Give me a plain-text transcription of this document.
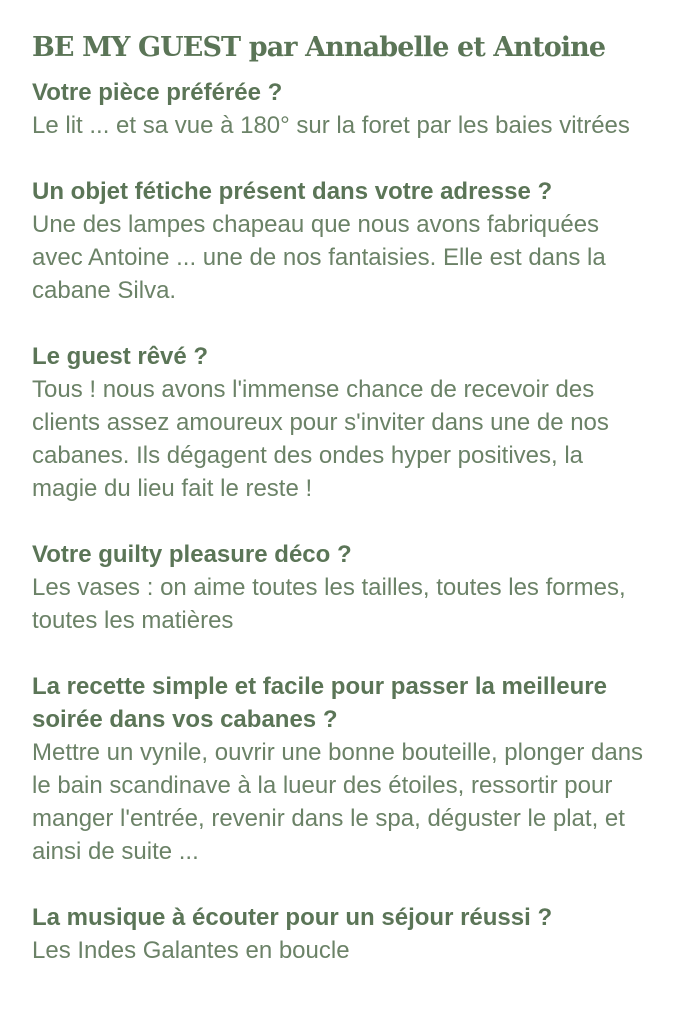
BE MY GUEST par Annabelle et Antoine

Votre pièce préférée ?

Le lit ... et sa vue à 180° sur la foret par les baies vitrées

Un objet fétiche présent dans votre adresse ?

Une des lampes chapeau que nous avons fabriquées avec Antoine ... une de nos fantaisies. Elle est dans la cabane Silva.

Le guest rêvé ?

Tous ! nous avons l'immense chance de recevoir des clients assez amoureux pour s'inviter dans une de nos cabanes. Ils dégagent des ondes hyper positives, la magie du lieu fait le reste !

Votre guilty pleasure déco ?

Les vases : on aime toutes les tailles, toutes les formes, toutes les matières

La recette simple et facile pour passer la meilleure soirée dans vos cabanes ?

Mettre un vynile, ouvrir une bonne bouteille, plonger dans le bain scandinave à la lueur des étoiles, ressortir pour manger l'entrée, revenir dans le spa, déguster le plat, et ainsi de suite ...

La musique à écouter pour un séjour réussi ?

Les Indes Galantes en boucle
